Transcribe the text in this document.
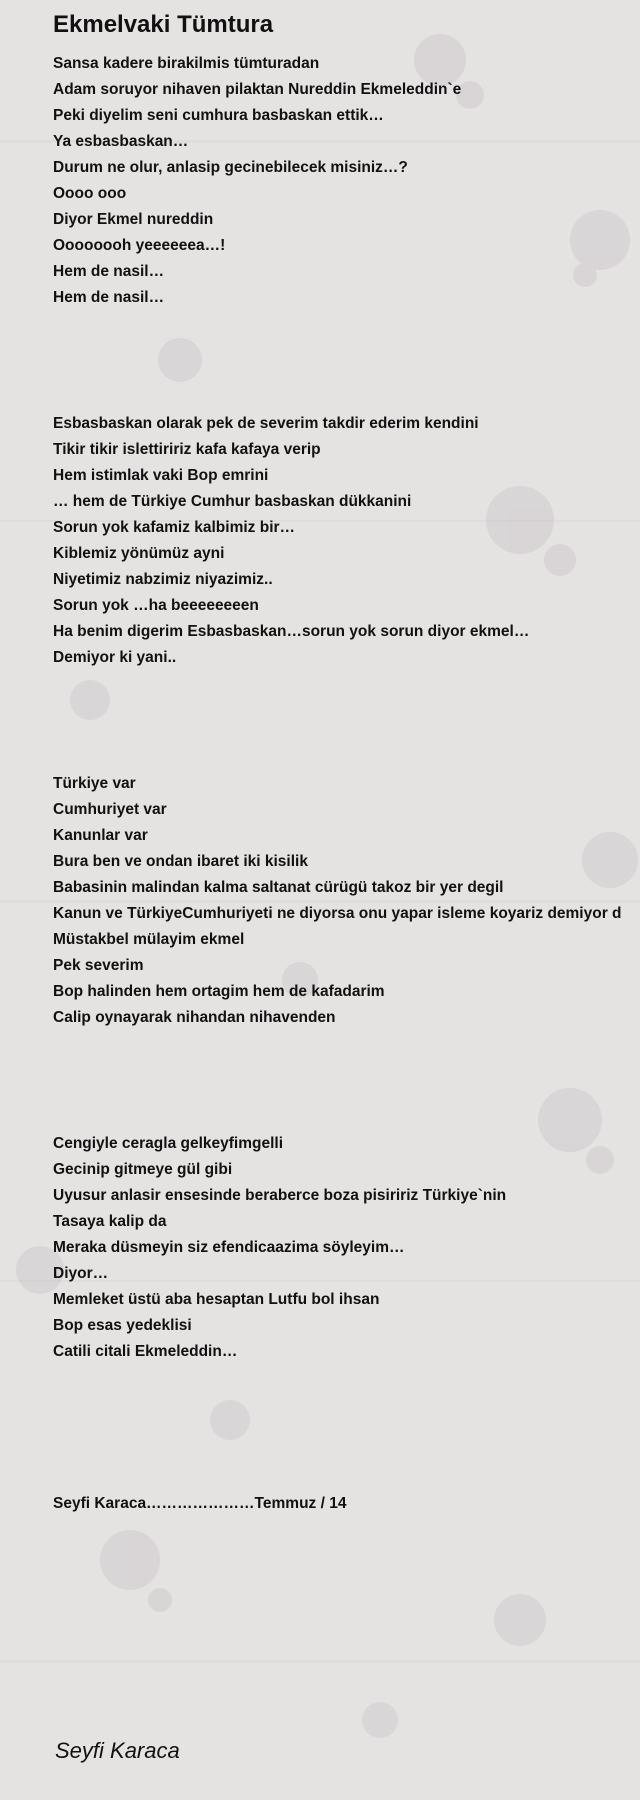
Ekmelvaki Tümtura
Sansa kadere birakilmis tümturadan
Adam soruyor nihaven pilaktan Nureddin Ekmeleddin`e
Peki diyelim seni cumhura basbaskan ettik…
Ya esbasbaskan…
Durum ne olur, anlasip gecinebilecek misiniz…?
Oooo ooo
Diyor Ekmel nureddin
Oooooooh yeeeeeea…!
Hem de nasil…
Hem de nasil…
Esbasbaskan olarak pek de severim takdir ederim kendini
Tikir tikir islettiririz kafa kafaya verip
Hem istimlak vaki Bop emrini
… hem de Türkiye Cumhur basbaskan dükkanini
Sorun yok kafamiz kalbimiz bir…
Kiblemiz yönümüz ayni
Niyetimiz nabzimiz niyazimiz..
Sorun yok …ha beeeeeeeen
Ha benim digerim Esbasbaskan…sorun yok sorun diyor ekmel…
Demiyor ki yani..
Türkiye var
Cumhuriyet var
Kanunlar var
Bura ben ve ondan ibaret iki kisilik
Babasinin malindan kalma saltanat cürügü takoz bir yer degil
Kanun ve TürkiyeCumhuriyeti ne diyorsa onu yapar isleme koyariz demiyor d
Müstakbel mülayim ekmel
Pek severim
Bop halinden hem ortagim hem de kafadarim
Calip oynayarak nihandan nihavenden
Cengiyle ceragla gelkeyfimgelli
Gecinip gitmeye gül gibi
Uyusur anlasir ensesinde beraberce boza pisiririz Türkiye`nin
Tasaya kalip da
Meraka düsmeyin siz efendicaazima söyleyim…
Diyor…
Memleket üstü aba hesaptan Lutfu bol ihsan
Bop esas yedeklisi
Catili citali Ekmeleddin…
Seyfi Karaca…………………Temmuz / 14
Seyfi Karaca
